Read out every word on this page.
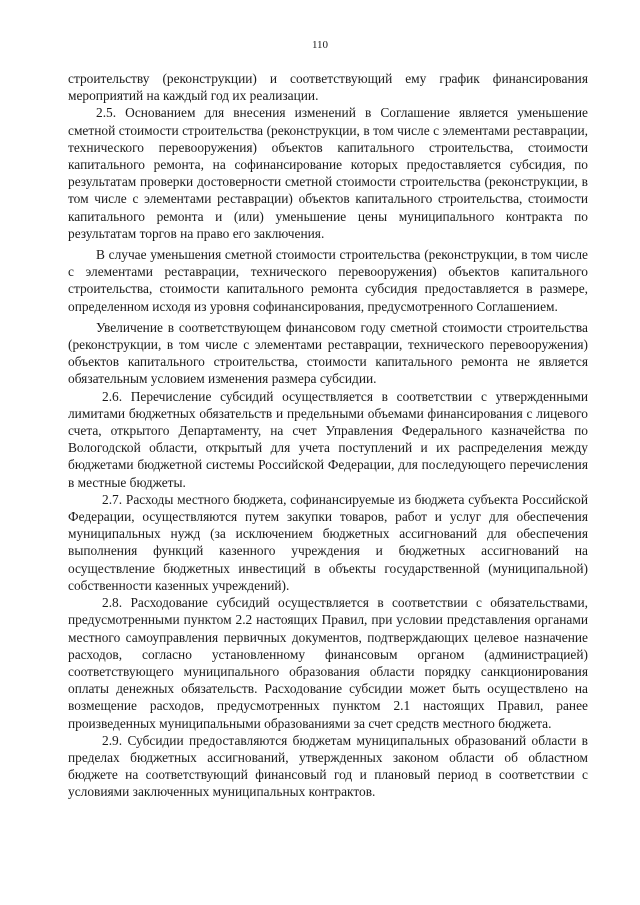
110

строительству (реконструкции) и соответствующий ему график финансирования мероприятий на каждый год их реализации.

2.5. Основанием для внесения изменений в Соглашение является уменьшение сметной стоимости строительства (реконструкции, в том числе с элементами реставрации, технического перевооружения) объектов капитального строительства, стоимости капитального ремонта, на софинансирование которых предоставляется субсидия, по результатам проверки достоверности сметной стоимости строительства (реконструкции, в том числе с элементами реставрации) объектов капитального строительства, стоимости капитального ремонта и (или) уменьшение цены муниципального контракта по результатам торгов на право его заключения.

В случае уменьшения сметной стоимости строительства (реконструкции, в том числе с элементами реставрации, технического перевооружения) объектов капитального строительства, стоимости капитального ремонта субсидия предоставляется в размере, определенном исходя из уровня софинансирования, предусмотренного Соглашением.

Увеличение в соответствующем финансовом году сметной стоимости строительства (реконструкции, в том числе с элементами реставрации, технического перевооружения) объектов капитального строительства, стоимости капитального ремонта не является обязательным условием изменения размера субсидии.

2.6. Перечисление субсидий осуществляется в соответствии с утвержденными лимитами бюджетных обязательств и предельными объемами финансирования с лицевого счета, открытого Департаменту, на счет Управления Федерального казначейства по Вологодской области, открытый для учета поступлений и их распределения между бюджетами бюджетной системы Российской Федерации, для последующего перечисления в местные бюджеты.

2.7. Расходы местного бюджета, софинансируемые из бюджета субъекта Российской Федерации, осуществляются путем закупки товаров, работ и услуг для обеспечения муниципальных нужд (за исключением бюджетных ассигнований для обеспечения выполнения функций казенного учреждения и бюджетных ассигнований на осуществление бюджетных инвестиций в объекты государственной (муниципальной) собственности казенных учреждений).

2.8. Расходование субсидий осуществляется в соответствии с обязательствами, предусмотренными пунктом 2.2 настоящих Правил, при условии представления органами местного самоуправления первичных документов, подтверждающих целевое назначение расходов, согласно установленному финансовым органом (администрацией) соответствующего муниципального образования области порядку санкционирования оплаты денежных обязательств. Расходование субсидии может быть осуществлено на возмещение расходов, предусмотренных пунктом 2.1 настоящих Правил, ранее произведенных муниципальными образованиями за счет средств местного бюджета.

2.9. Субсидии предоставляются бюджетам муниципальных образований области в пределах бюджетных ассигнований, утвержденных законом области об областном бюджете на соответствующий финансовый год и плановый период в соответствии с условиями заключенных муниципальных контрактов.
